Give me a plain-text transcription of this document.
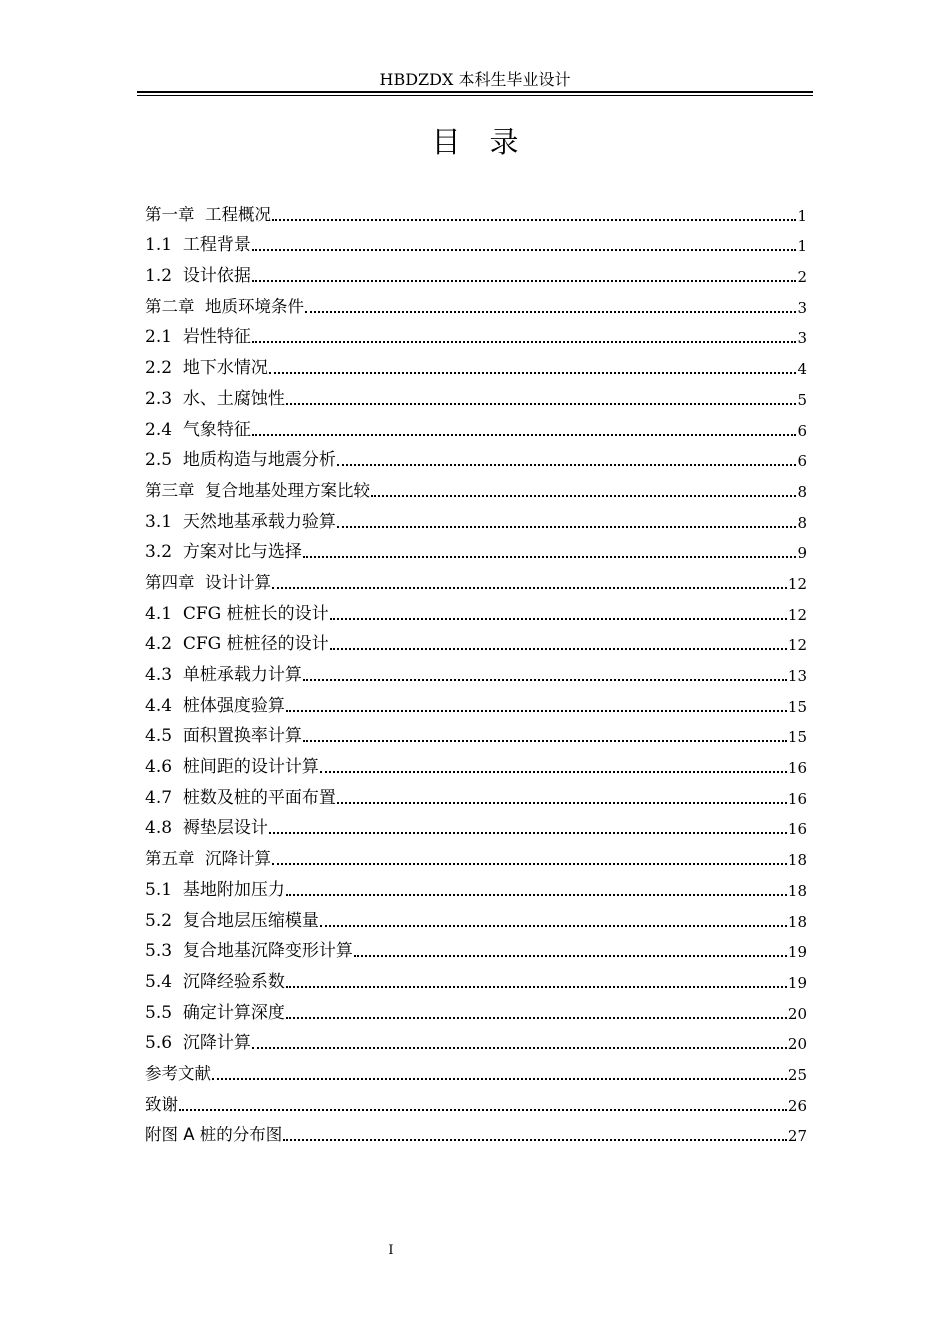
HBDZDX 本科生毕业设计
目　录
第一章  工程概况	1
1.1  工程背景	1
1.2  设计依据	2
第二章  地质环境条件	3
2.1  岩性特征	3
2.2  地下水情况	4
2.3  水、土腐蚀性	5
2.4  气象特征	6
2.5  地质构造与地震分析	6
第三章  复合地基处理方案比较	8
3.1  天然地基承载力验算	8
3.2  方案对比与选择	9
第四章  设计计算	12
4.1  CFG 桩桩长的设计	12
4.2  CFG 桩桩径的设计	12
4.3  单桩承载力计算	13
4.4  桩体强度验算	15
4.5  面积置换率计算	15
4.6  桩间距的设计计算	16
4.7  桩数及桩的平面布置	16
4.8  褥垫层设计	16
第五章  沉降计算	18
5.1  基地附加压力	18
5.2  复合地层压缩模量	18
5.3  复合地基沉降变形计算	19
5.4  沉降经验系数	19
5.5  确定计算深度	20
5.6  沉降计算	20
参考文献	25
致谢	26
附图 A 桩的分布图	27
I
